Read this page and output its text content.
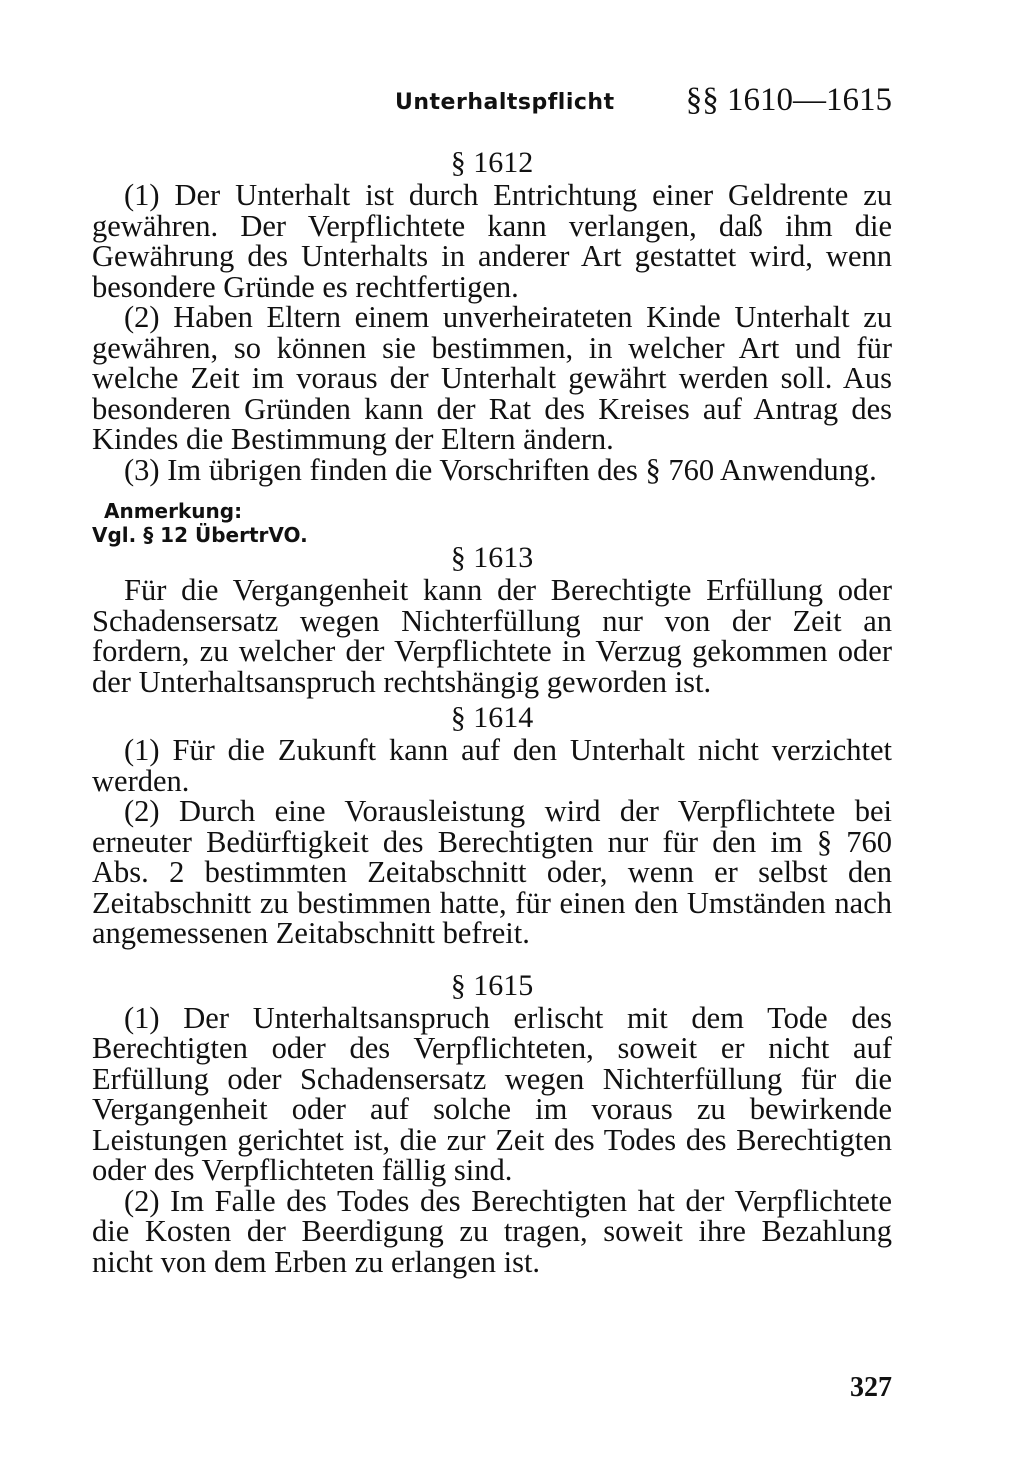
Unterhaltspflicht §§ 1610—1615
§ 1612

(1) Der Unterhalt ist durch Entrichtung einer Geldrente zu gewähren. Der Verpflichtete kann verlangen, daß ihm die Gewährung des Unterhalts in anderer Art gestattet wird, wenn besondere Gründe es rechtfertigen.

(2) Haben Eltern einem unverheirateten Kinde Unterhalt zu gewähren, so können sie bestimmen, in welcher Art und für welche Zeit im voraus der Unterhalt gewährt werden soll. Aus besonderen Gründen kann der Rat des Kreises auf Antrag des Kindes die Bestimmung der Eltern ändern.

(3) Im übrigen finden die Vorschriften des § 760 Anwendung.

Anmerkung:
Vgl. § 12 ÜbertrVO.
§ 1613

Für die Vergangenheit kann der Berechtigte Erfüllung oder Schadensersatz wegen Nichterfüllung nur von der Zeit an fordern, zu welcher der Verpflichtete in Verzug gekommen oder der Unterhaltsanspruch rechtshängig geworden ist.

§ 1614

(1) Für die Zukunft kann auf den Unterhalt nicht verzichtet werden.

(2) Durch eine Vorausleistung wird der Verpflichtete bei erneuter Bedürftigkeit des Berechtigten nur für den im § 760 Abs. 2 bestimmten Zeitabschnitt oder, wenn er selbst den Zeitabschnitt zu bestimmen hatte, für einen den Umständen nach angemessenen Zeitabschnitt befreit.

§ 1615

(1) Der Unterhaltsanspruch erlischt mit dem Tode des Berechtigten oder des Verpflichteten, soweit er nicht auf Erfüllung oder Schadensersatz wegen Nichterfüllung für die Vergangenheit oder auf solche im voraus zu bewirkende Leistungen gerichtet ist, die zur Zeit des Todes des Berechtigten oder des Verpflichteten fällig sind.

(2) Im Falle des Todes des Berechtigten hat der Verpflichtete die Kosten der Beerdigung zu tragen, soweit ihre Bezahlung nicht von dem Erben zu erlangen ist.

327
